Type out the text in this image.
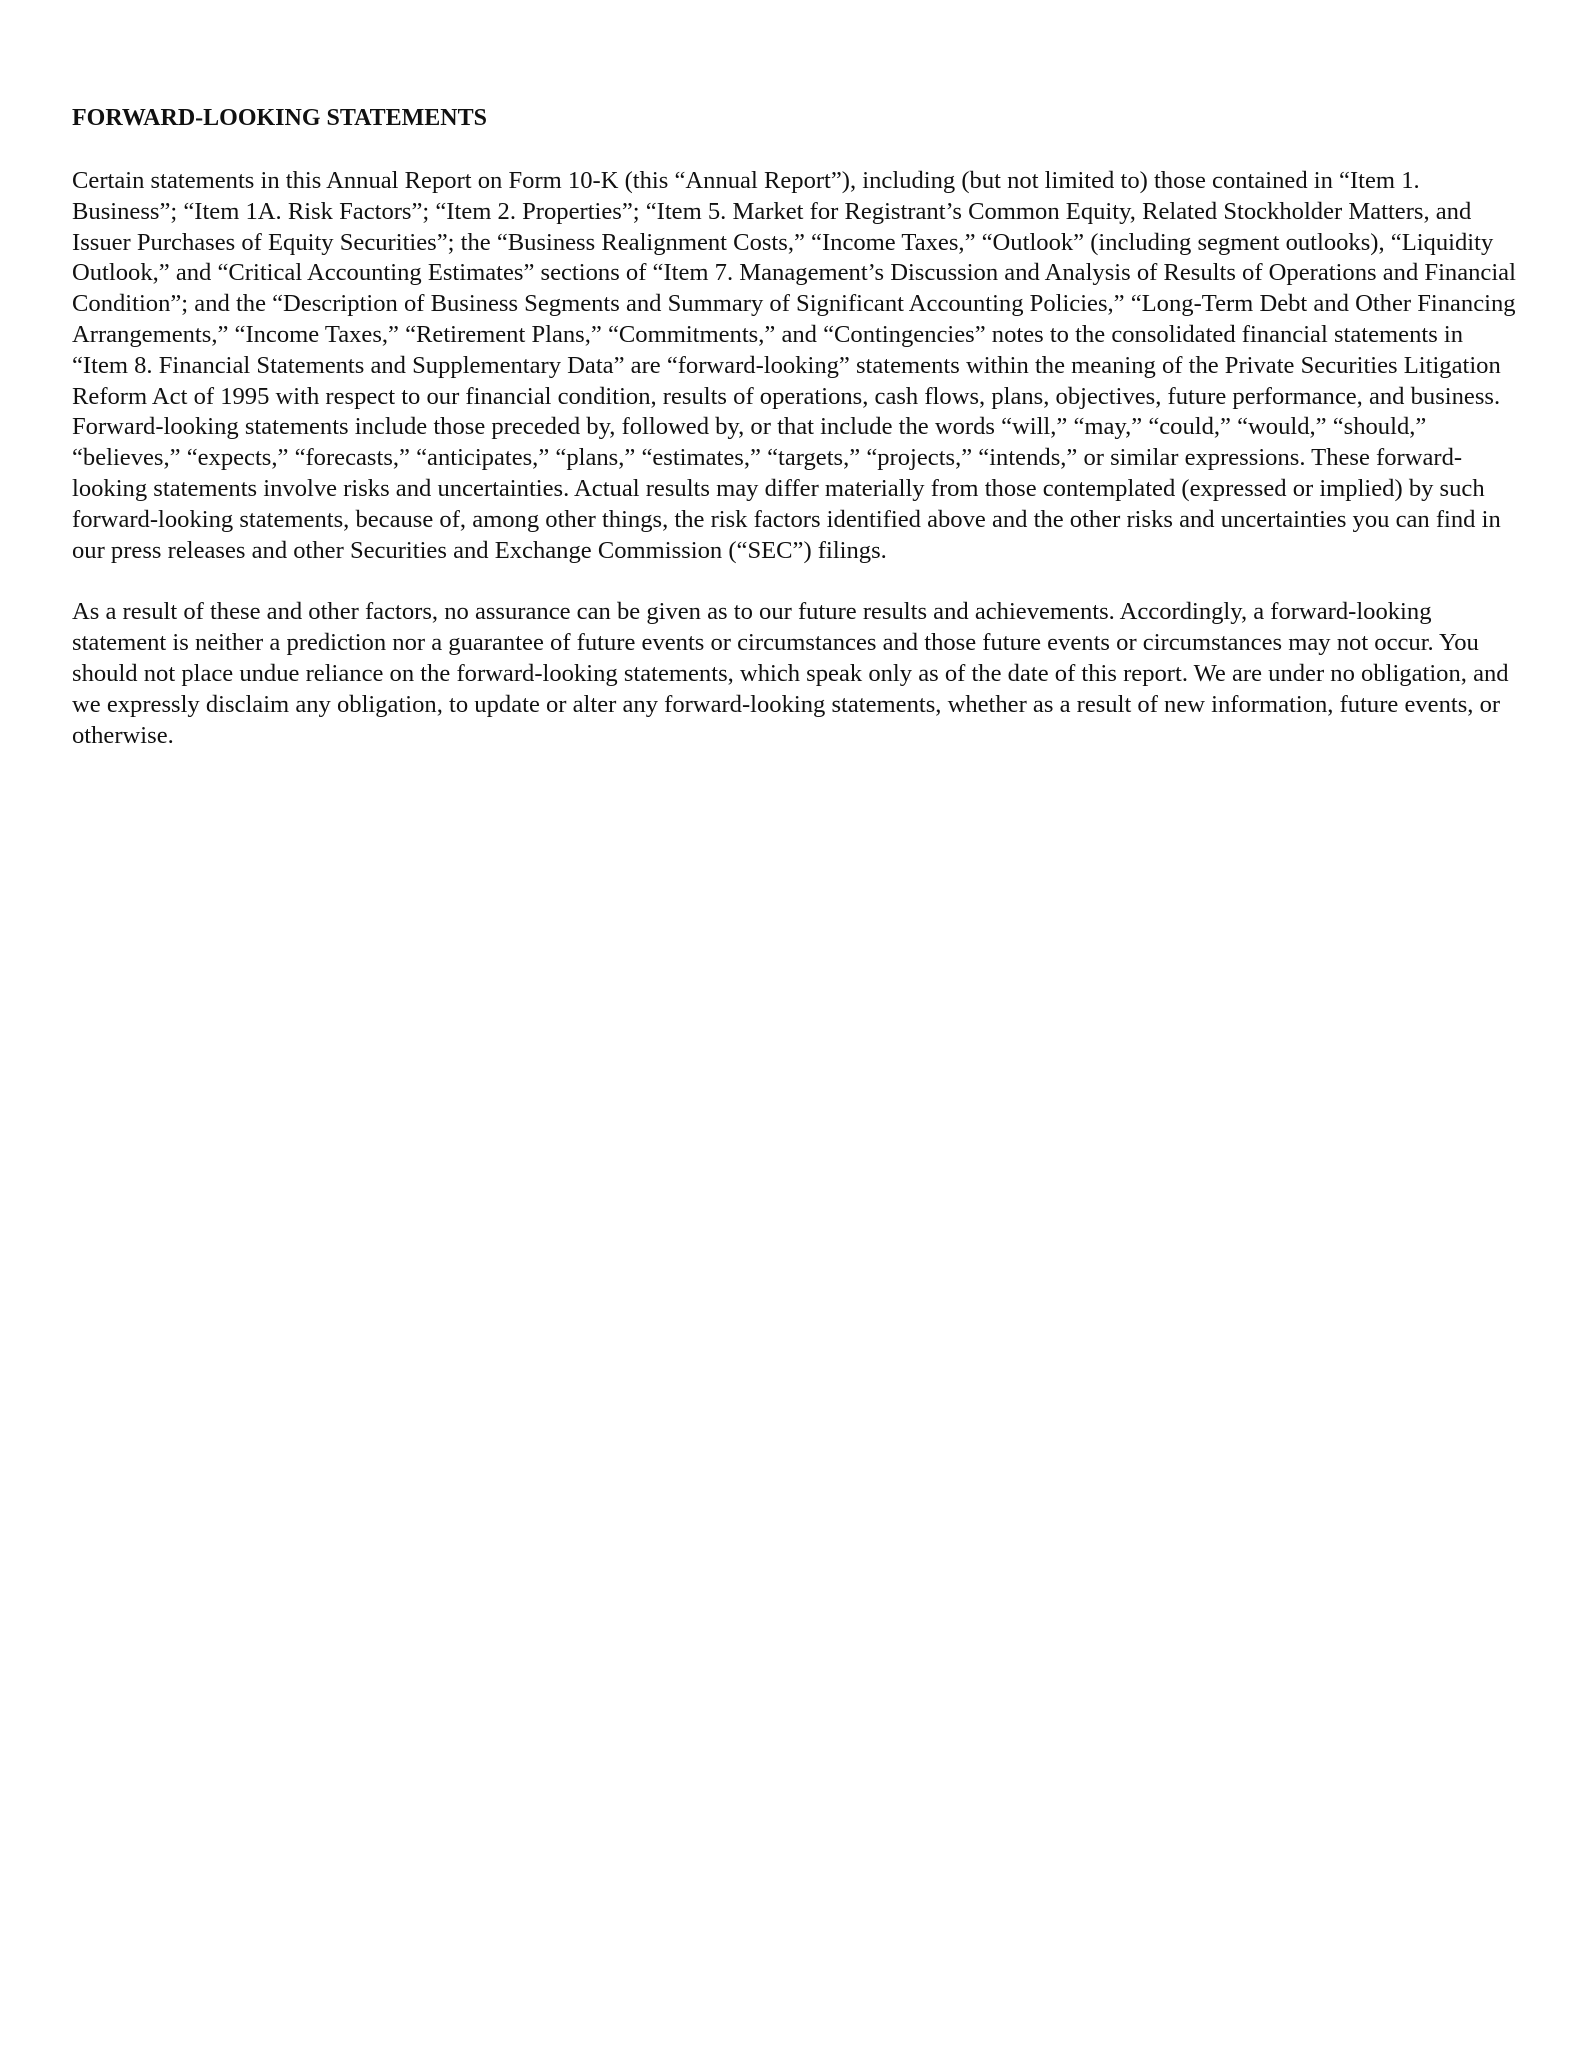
FORWARD-LOOKING STATEMENTS

Certain statements in this Annual Report on Form 10-K (this “Annual Report”), including (but not limited to) those contained in “Item 1. Business”; “Item 1A. Risk Factors”; “Item 2. Properties”; “Item 5. Market for Registrant’s Common Equity, Related Stockholder Matters, and Issuer Purchases of Equity Securities”; the “Business Realignment Costs,” “Income Taxes,” “Outlook” (including segment outlooks), “Liquidity Outlook,” and “Critical Accounting Estimates” sections of “Item 7. Management’s Discussion and Analysis of Results of Operations and Financial Condition”; and the “Description of Business Segments and Summary of Significant Accounting Policies,” “Long-Term Debt and Other Financing Arrangements,” “Income Taxes,” “Retirement Plans,” “Commitments,” and “Contingencies” notes to the consolidated financial statements in “Item 8. Financial Statements and Supplementary Data” are “forward-looking” statements within the meaning of the Private Securities Litigation Reform Act of 1995 with respect to our financial condition, results of operations, cash flows, plans, objectives, future performance, and business. Forward-looking statements include those preceded by, followed by, or that include the words “will,” “may,” “could,” “would,” “should,” “believes,” “expects,” “forecasts,” “anticipates,” “plans,” “estimates,” “targets,” “projects,” “intends,” or similar expressions. These forward-looking statements involve risks and uncertainties. Actual results may differ materially from those contemplated (expressed or implied) by such forward-looking statements, because of, among other things, the risk factors identified above and the other risks and uncertainties you can find in our press releases and other Securities and Exchange Commission (“SEC”) filings.

As a result of these and other factors, no assurance can be given as to our future results and achievements. Accordingly, a forward-looking statement is neither a prediction nor a guarantee of future events or circumstances and those future events or circumstances may not occur. You should not place undue reliance on the forward-looking statements, which speak only as of the date of this report. We are under no obligation, and we expressly disclaim any obligation, to update or alter any forward-looking statements, whether as a result of new information, future events, or otherwise.
